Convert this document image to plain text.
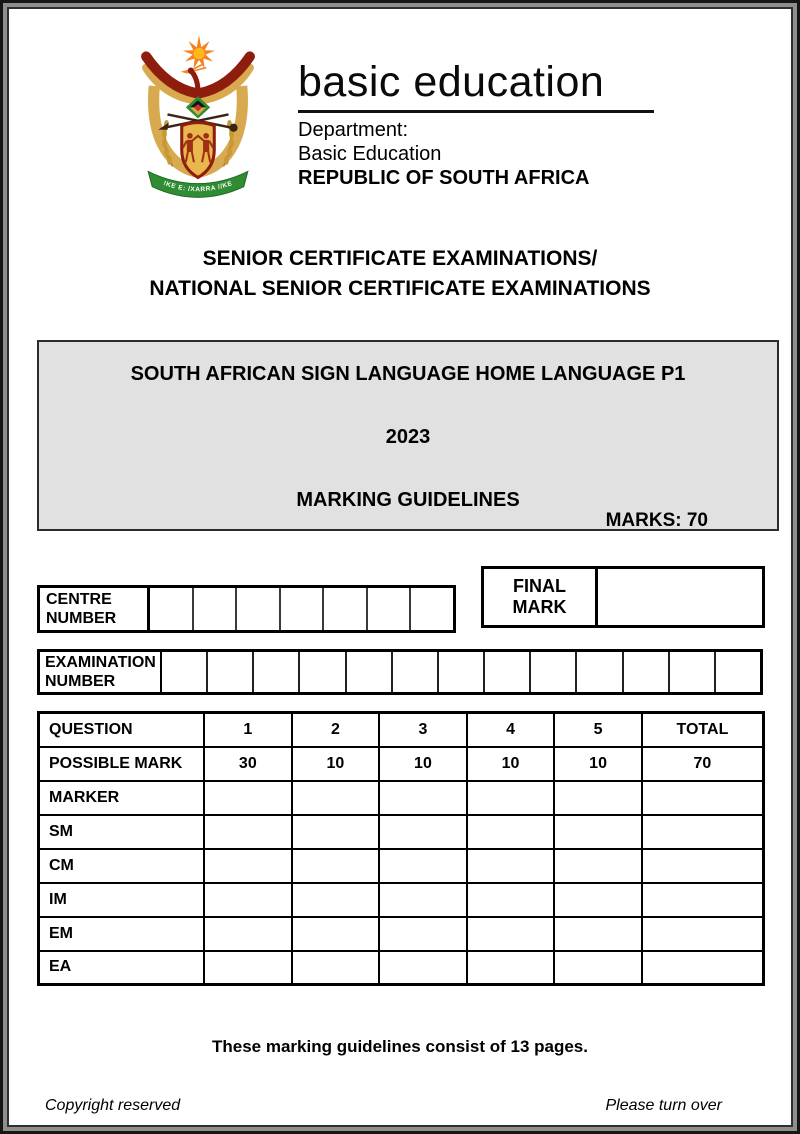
!KE E: /XARRA //KE
basic education
Department:
Basic Education
REPUBLIC OF SOUTH AFRICA
SENIOR CERTIFICATE EXAMINATIONS/
NATIONAL SENIOR CERTIFICATE EXAMINATIONS
SOUTH AFRICAN SIGN LANGUAGE HOME LANGUAGE P1
2023
MARKING GUIDELINES
MARKS: 70
CENTRE NUMBER
FINAL MARK
EXAMINATION NUMBER
QUESTION	1	2	3	4	5	TOTAL
POSSIBLE MARK	30	10	10	10	10	70
MARKER						
SM						
CM						
IM						
EM						
EA						
These marking guidelines consist of 13 pages.
Copyright reserved	Please turn over
